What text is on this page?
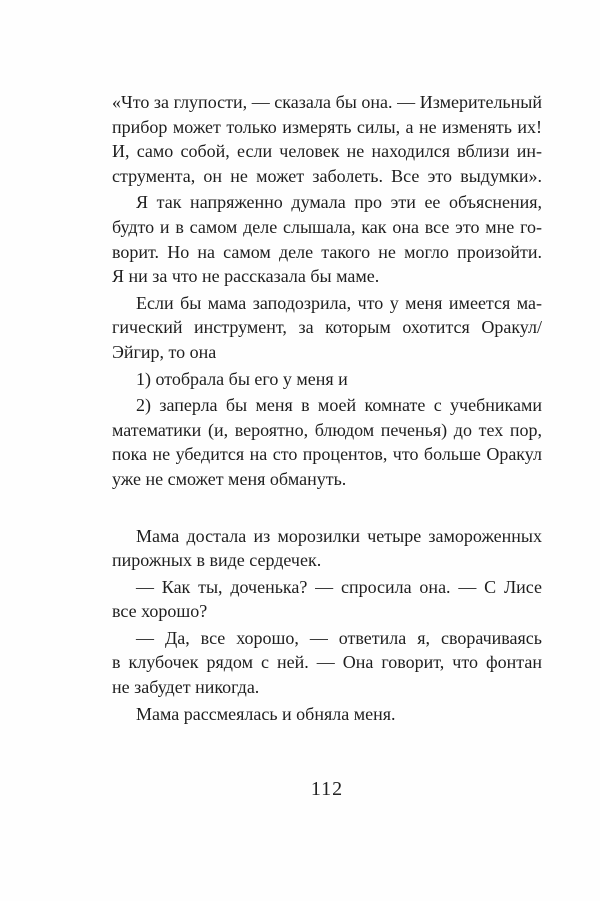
«Что за глупости, — сказала бы она. — Измерительный
прибор может только измерять силы, а не изменять их!
И, само собой, если человек не находился вблизи ин-
струмента, он не может заболеть. Все это выдумки».
Я так напряженно думала про эти ее объяснения,
будто и в самом деле слышала, как она все это мне го-
ворит. Но на самом деле такого не могло произойти.
Я ни за что не рассказала бы маме.
Если бы мама заподозрила, что у меня имеется ма-
гический инструмент, за которым охотится Оракул/
Эйгир, то она
1) отобрала бы его у меня и
2) заперла бы меня в моей комнате с учебниками
математики (и, вероятно, блюдом печенья) до тех пор,
пока не убедится на сто процентов, что больше Оракул
уже не сможет меня обмануть.
Мама достала из морозилки четыре замороженных
пирожных в виде сердечек.
— Как ты, доченька? — спросила она. — С Лисе
все хорошо?
— Да, все хорошо, — ответила я, сворачиваясь
в клубочек рядом с ней. — Она говорит, что фонтан
не забудет никогда.
Мама рассмеялась и обняла меня.
112
